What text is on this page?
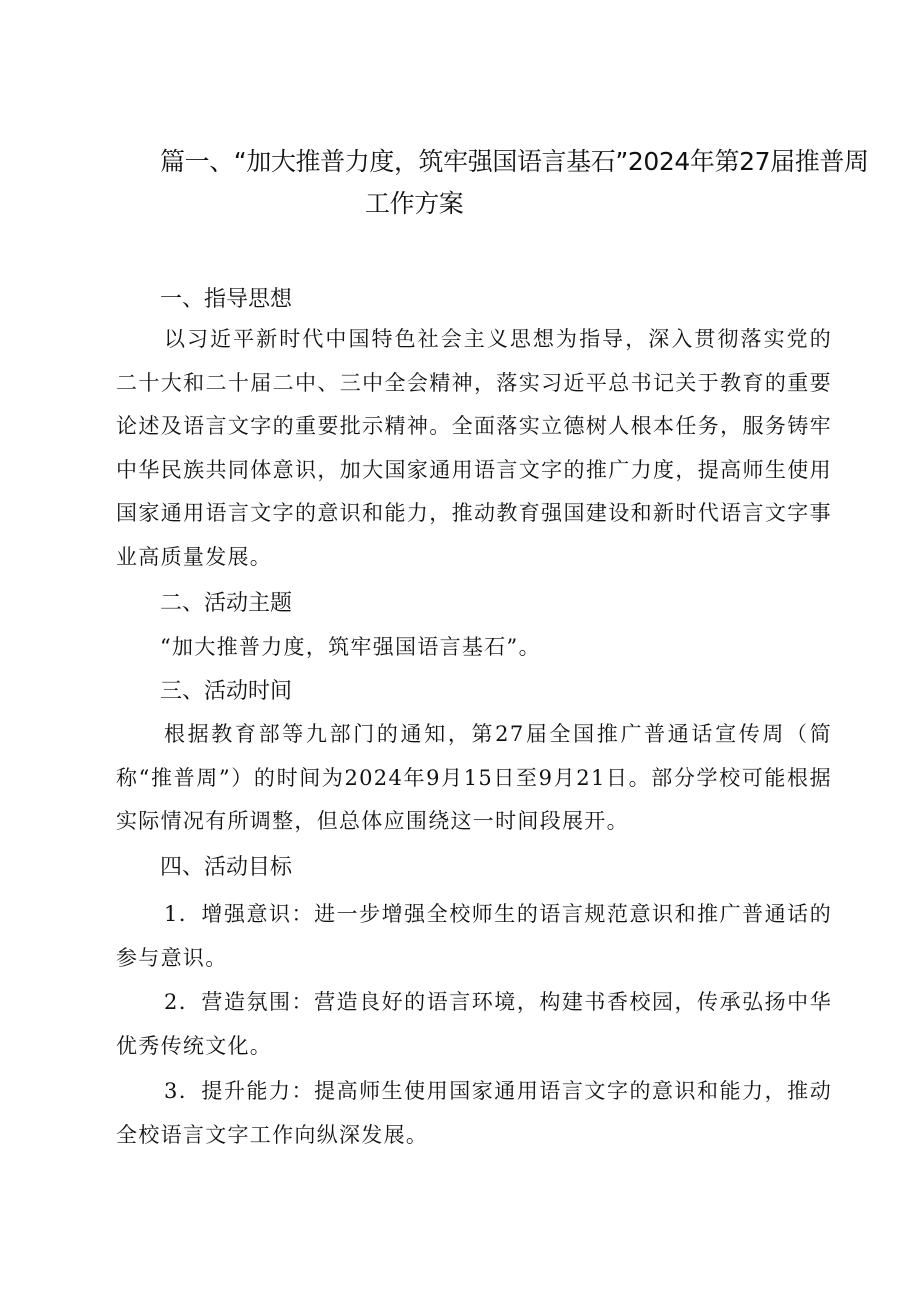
篇一、“加大推普力度，筑牢强国语言基石”2024年第27届推普周
工作方案
一、指导思想
以习近平新时代中国特色社会主义思想为指导，深入贯彻落实党的二十大和二十届二中、三中全会精神，落实习近平总书记关于教育的重要论述及语言文字的重要批示精神。全面落实立德树人根本任务，服务铸牢中华民族共同体意识，加大国家通用语言文字的推广力度，提高师生使用国家通用语言文字的意识和能力，推动教育强国建设和新时代语言文字事业高质量发展。
二、活动主题
“加大推普力度，筑牢强国语言基石”。
三、活动时间
根据教育部等九部门的通知，第27届全国推广普通话宣传周（简称“推普周”）的时间为2024年9月15日至9月21日。部分学校可能根据实际情况有所调整，但总体应围绕这一时间段展开。
四、活动目标
1．增强意识：进一步增强全校师生的语言规范意识和推广普通话的参与意识。
2．营造氛围：营造良好的语言环境，构建书香校园，传承弘扬中华优秀传统文化。
3．提升能力：提高师生使用国家通用语言文字的意识和能力，推动全校语言文字工作向纵深发展。
